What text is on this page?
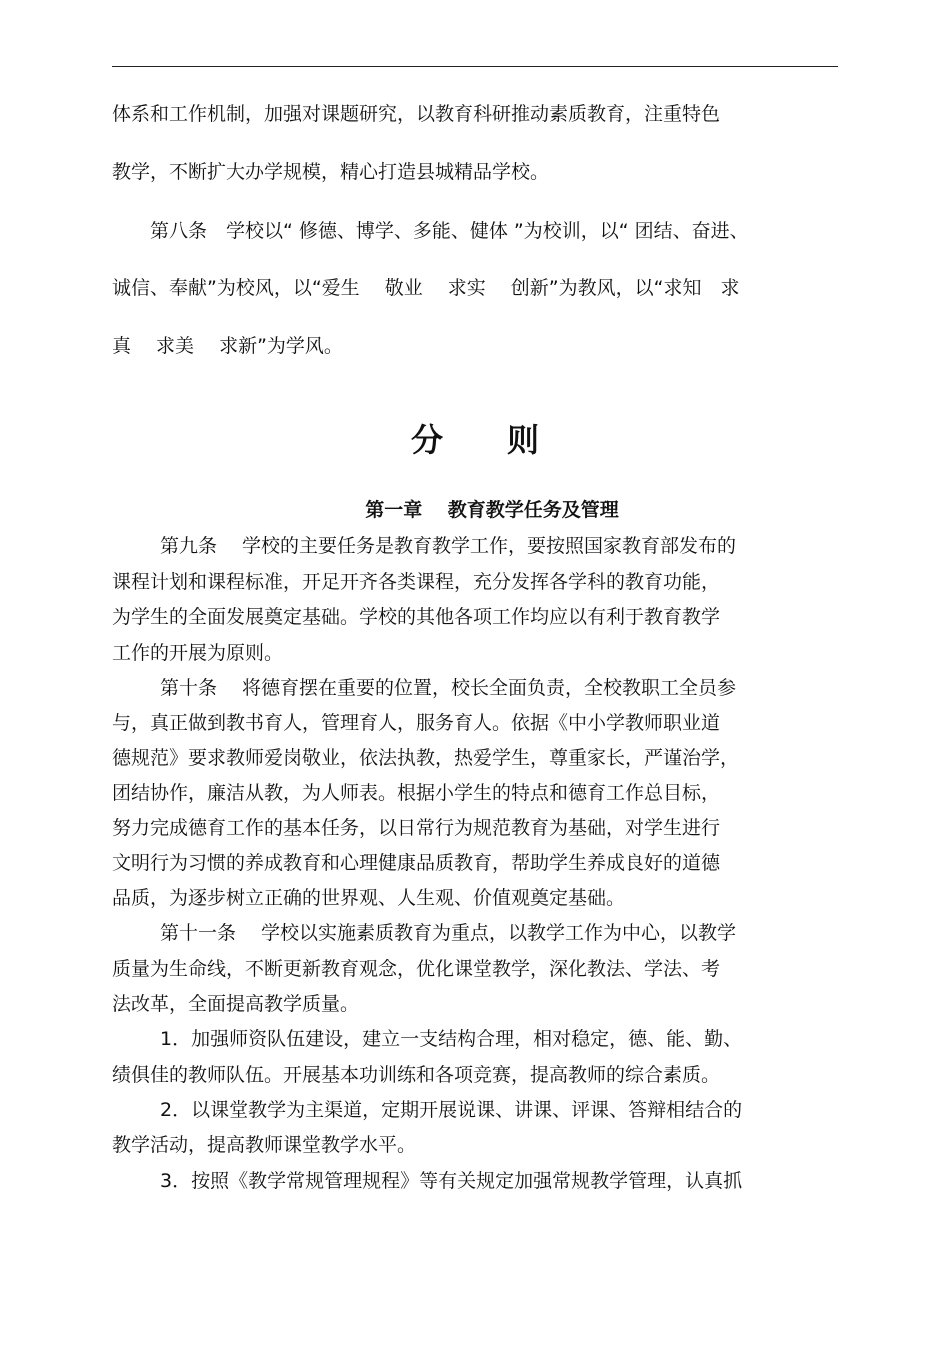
体系和工作机制，加强对课题研究，以教育科研推动素质教育，注重特色

教学，不断扩大办学规模，精心打造县城精品学校。

第八条　学校以“ 修德、博学、多能、健体 ”为校训，以“ 团结、奋进、

诚信、奉献”为校风，以“爱生　 敬业　 求实　 创新”为教风，以“求知　求

真　 求美　 求新”为学风。

分　　则
第一章　 教育教学任务及管理

第九条　 学校的主要任务是教育教学工作，要按照国家教育部发布的

课程计划和课程标准，开足开齐各类课程，充分发挥各学科的教育功能，

为学生的全面发展奠定基础。学校的其他各项工作均应以有利于教育教学

工作的开展为原则。

第十条　 将德育摆在重要的位置，校长全面负责，全校教职工全员参

与，真正做到教书育人，管理育人，服务育人。依据《中小学教师职业道

德规范》要求教师爱岗敬业，依法执教，热爱学生，尊重家长，严谨治学，

团结协作，廉洁从教，为人师表。根据小学生的特点和德育工作总目标，

努力完成德育工作的基本任务，以日常行为规范教育为基础，对学生进行

文明行为习惯的养成教育和心理健康品质教育，帮助学生养成良好的道德

品质，为逐步树立正确的世界观、人生观、价值观奠定基础。

第十一条　 学校以实施素质教育为重点，以教学工作为中心，以教学

质量为生命线，不断更新教育观念，优化课堂教学，深化教法、学法、考

法改革，全面提高教学质量。

1．加强师资队伍建设，建立一支结构合理，相对稳定，德、能、勤、

绩俱佳的教师队伍。开展基本功训练和各项竞赛，提高教师的综合素质。

2．以课堂教学为主渠道，定期开展说课、讲课、评课、答辩相结合的

教学活动，提高教师课堂教学水平。

3．按照《教学常规管理规程》等有关规定加强常规教学管理，认真抓
